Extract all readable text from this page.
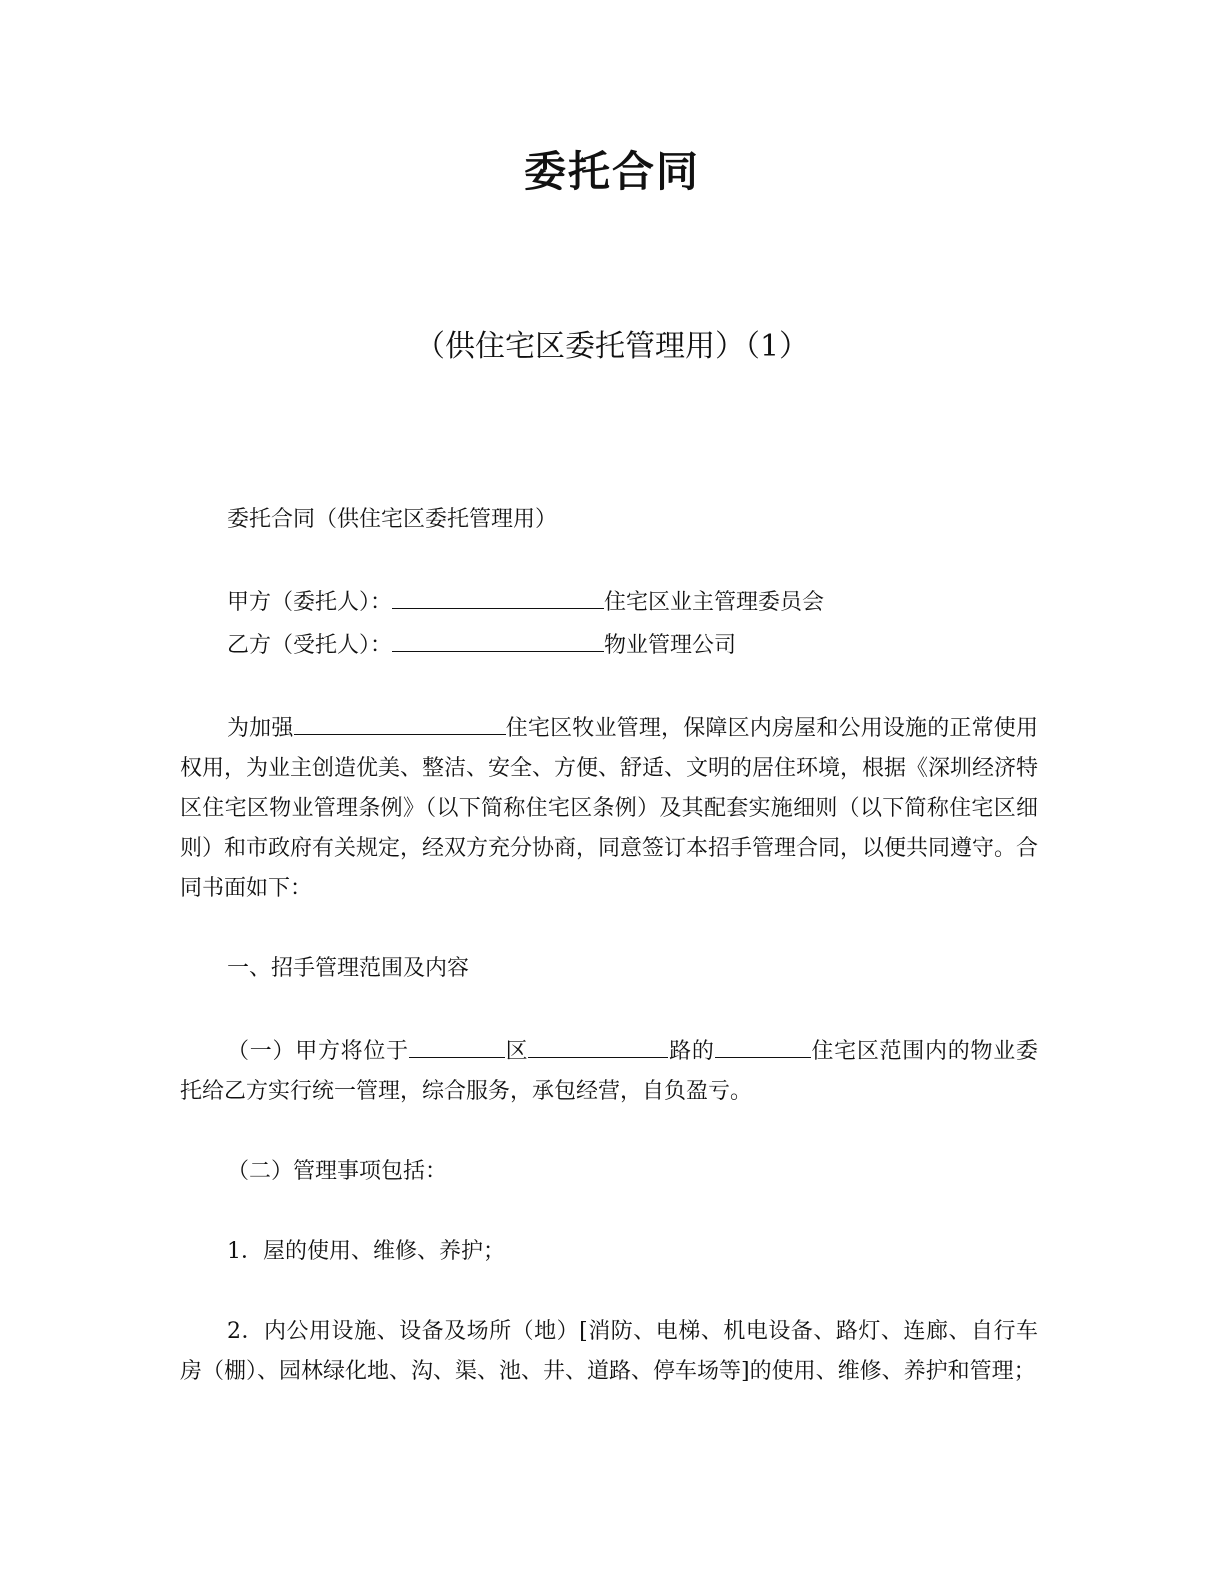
委托合同
（供住宅区委托管理用）（1）

委托合同（供住宅区委托管理用）

甲方（委托人）：	住宅区业主管理委员会

乙方（受托人）：	物业管理公司

为加强	住宅区牧业管理，保障区内房屋和公用设施的正常使用权用，为业主创造优美、整洁、安全、方便、舒适、文明的居住环境，根据《深圳经济特区住宅区物业管理条例》（以下简称住宅区条例）及其配套实施细则（以下简称住宅区细则）和市政府有关规定，经双方充分协商，同意签订本招手管理合同，以便共同遵守。合同书面如下：

一、招手管理范围及内容

（一）甲方将位于	区	路的	住宅区范围内的物业委托给乙方实行统一管理，综合服务，承包经营，自负盈亏。

（二）管理事项包括：

1．屋的使用、维修、养护；

2．内公用设施、设备及场所（地）[消防、电梯、机电设备、路灯、连廊、自行车房（棚）、园林绿化地、沟、渠、池、井、道路、停车场等]的使用、维修、养护和管理；
